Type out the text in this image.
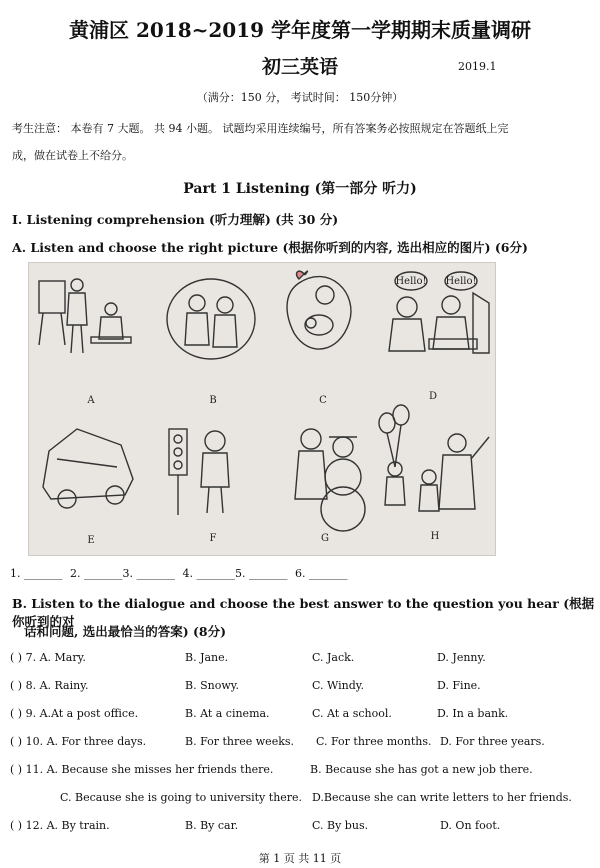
黄浦区 2018~2019 学年度第一学期期末质量调研
初三英语	2019.1
（满分：150 分， 考试时间： 150分钟）
考生注意： 本卷有 7 大题。 共 94 小题。 试题均采用连续编号，所有答案务必按照规定在答题纸上完
成，做在试卷上不给分。
Part 1 Listening (第一部分 听力)
I. Listening comprehension (听力理解) (共 30 分)
A. Listen and choose the right picture (根据你听到的内容, 选出相应的图片) (6分)
Hello! Hello!
A	B	C	D
E	F	G	H
1. _______ 2. _______3. _______ 4. _______5. _______ 6. _______
B. Listen to the dialogue and choose the best answer to the question you hear (根据你听到的对
话和问题, 选出最恰当的答案) (8分)
( ) 7. A. Mary.	B. Jane.	C. Jack.	D. Jenny.
( ) 8. A. Rainy.	B. Snowy.	C. Windy.	D. Fine.
( ) 9. A.At a post office.	B. At a cinema.	C. At a school.	D. In a bank.
( ) 10. A. For three days.	B. For three weeks. C. For three months. D. For three years.
( ) 11. A. Because she misses her friends there.	B. Because she has got a new job there.
C. Because she is going to university there. D.Because she can write letters to her friends.
( ) 12. A. By train.	B. By car.	C. By bus.	D. On foot.
第 1 页 共 11 页
